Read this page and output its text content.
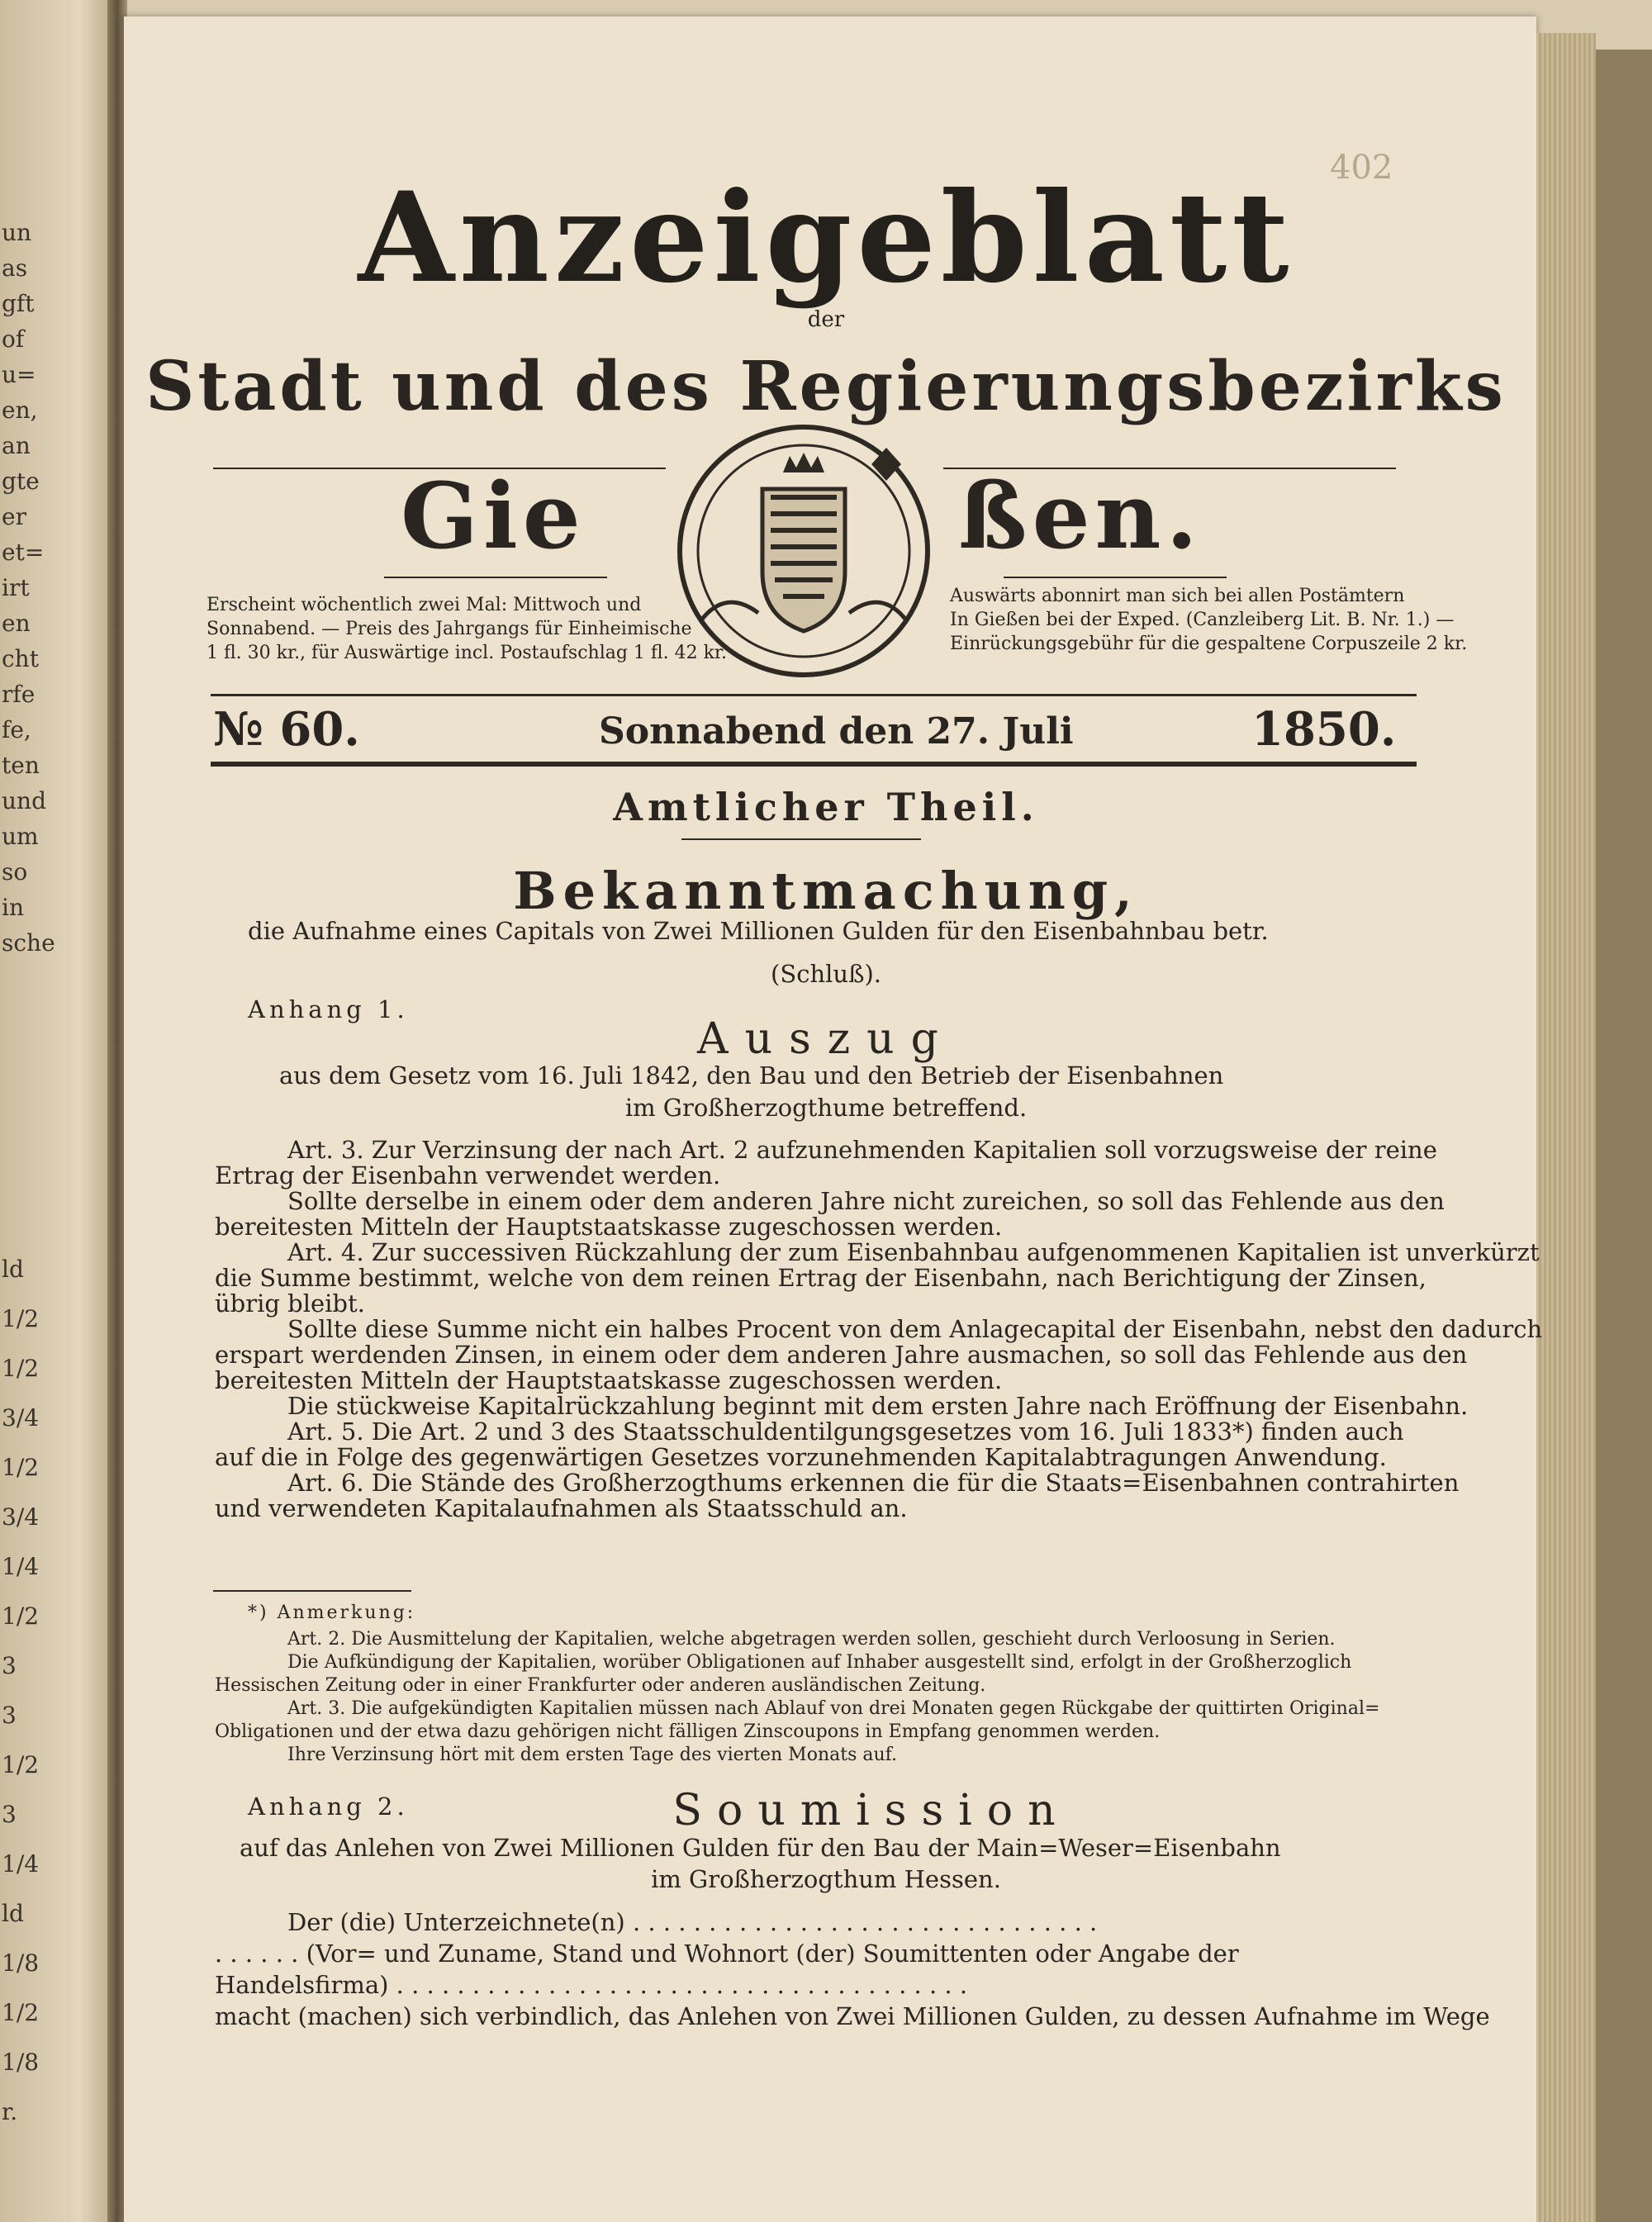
402
un
as
gft
of
u=
en,
an
gte
er
et=
irt
en
cht
rfe
fe,
ten
und
um
so
in
sche
ld
1/2
1/2
3/4
1/2
3/4
1/4
1/2
3
3
1/2
3
1/4
ld
1/8
1/2
1/8
r.
Anzeigeblatt
der
Stadt und des Regierungsbezirks
Gie	ßen.
Erscheint wöchentlich zwei Mal: Mittwoch und
Sonnabend. — Preis des Jahrgangs für Einheimische
1 fl. 30 kr., für Auswärtige incl. Postaufschlag 1 fl. 42 kr.
Auswärts abonnirt man sich bei allen Postämtern
In Gießen bei der Exped. (Canzleiberg Lit. B. Nr. 1.) —
Einrückungsgebühr für die gespaltene Corpuszeile 2 kr.
№ 60.	Sonnabend den 27. Juli	1850.
Amtlicher Theil.
Bekanntmachung,
die Aufnahme eines Capitals von Zwei Millionen Gulden für den Eisenbahnbau betr.
(Schluß).
Anhang 1.
Auszug
aus dem Gesetz vom 16. Juli 1842, den Bau und den Betrieb der Eisenbahnen
im Großherzogthume betreffend.
Art. 3. Zur Verzinsung der nach Art. 2 aufzunehmenden Kapitalien soll vorzugsweise der reine
Ertrag der Eisenbahn verwendet werden.
Sollte derselbe in einem oder dem anderen Jahre nicht zureichen, so soll das Fehlende aus den
bereitesten Mitteln der Hauptstaatskasse zugeschossen werden.
Art. 4. Zur successiven Rückzahlung der zum Eisenbahnbau aufgenommenen Kapitalien ist unverkürzt
die Summe bestimmt, welche von dem reinen Ertrag der Eisenbahn, nach Berichtigung der Zinsen,
übrig bleibt.
Sollte diese Summe nicht ein halbes Procent von dem Anlagecapital der Eisenbahn, nebst den dadurch
erspart werdenden Zinsen, in einem oder dem anderen Jahre ausmachen, so soll das Fehlende aus den
bereitesten Mitteln der Hauptstaatskasse zugeschossen werden.
Die stückweise Kapitalrückzahlung beginnt mit dem ersten Jahre nach Eröffnung der Eisenbahn.
Art. 5. Die Art. 2 und 3 des Staatsschuldentilgungsgesetzes vom 16. Juli 1833*) finden auch
auf die in Folge des gegenwärtigen Gesetzes vorzunehmenden Kapitalabtragungen Anwendung.
Art. 6. Die Stände des Großherzogthums erkennen die für die Staats=Eisenbahnen contrahirten
und verwendeten Kapitalaufnahmen als Staatsschuld an.
*) Anmerkung:
Art. 2. Die Ausmittelung der Kapitalien, welche abgetragen werden sollen, geschieht durch Verloosung in Serien.
Die Aufkündigung der Kapitalien, worüber Obligationen auf Inhaber ausgestellt sind, erfolgt in der Großherzoglich
Hessischen Zeitung oder in einer Frankfurter oder anderen ausländischen Zeitung.
Art. 3. Die aufgekündigten Kapitalien müssen nach Ablauf von drei Monaten gegen Rückgabe der quittirten Original=
Obligationen und der etwa dazu gehörigen nicht fälligen Zinscoupons in Empfang genommen werden.
Ihre Verzinsung hört mit dem ersten Tage des vierten Monats auf.
Anhang 2.	Soumission
auf das Anlehen von Zwei Millionen Gulden für den Bau der Main=Weser=Eisenbahn
im Großherzogthum Hessen.
Der (die) Unterzeichnete(n) . . . . . . . . . . . . . . . . . . . . . . . . . . . . . . .
. . . . . . (Vor= und Zuname, Stand und Wohnort (der) Soumittenten oder Angabe der
Handelsfirma) . . . . . . . . . . . . . . . . . . . . . . . . . . . . . . . . . . . . . .
macht (machen) sich verbindlich, das Anlehen von Zwei Millionen Gulden, zu dessen Aufnahme im Wege
